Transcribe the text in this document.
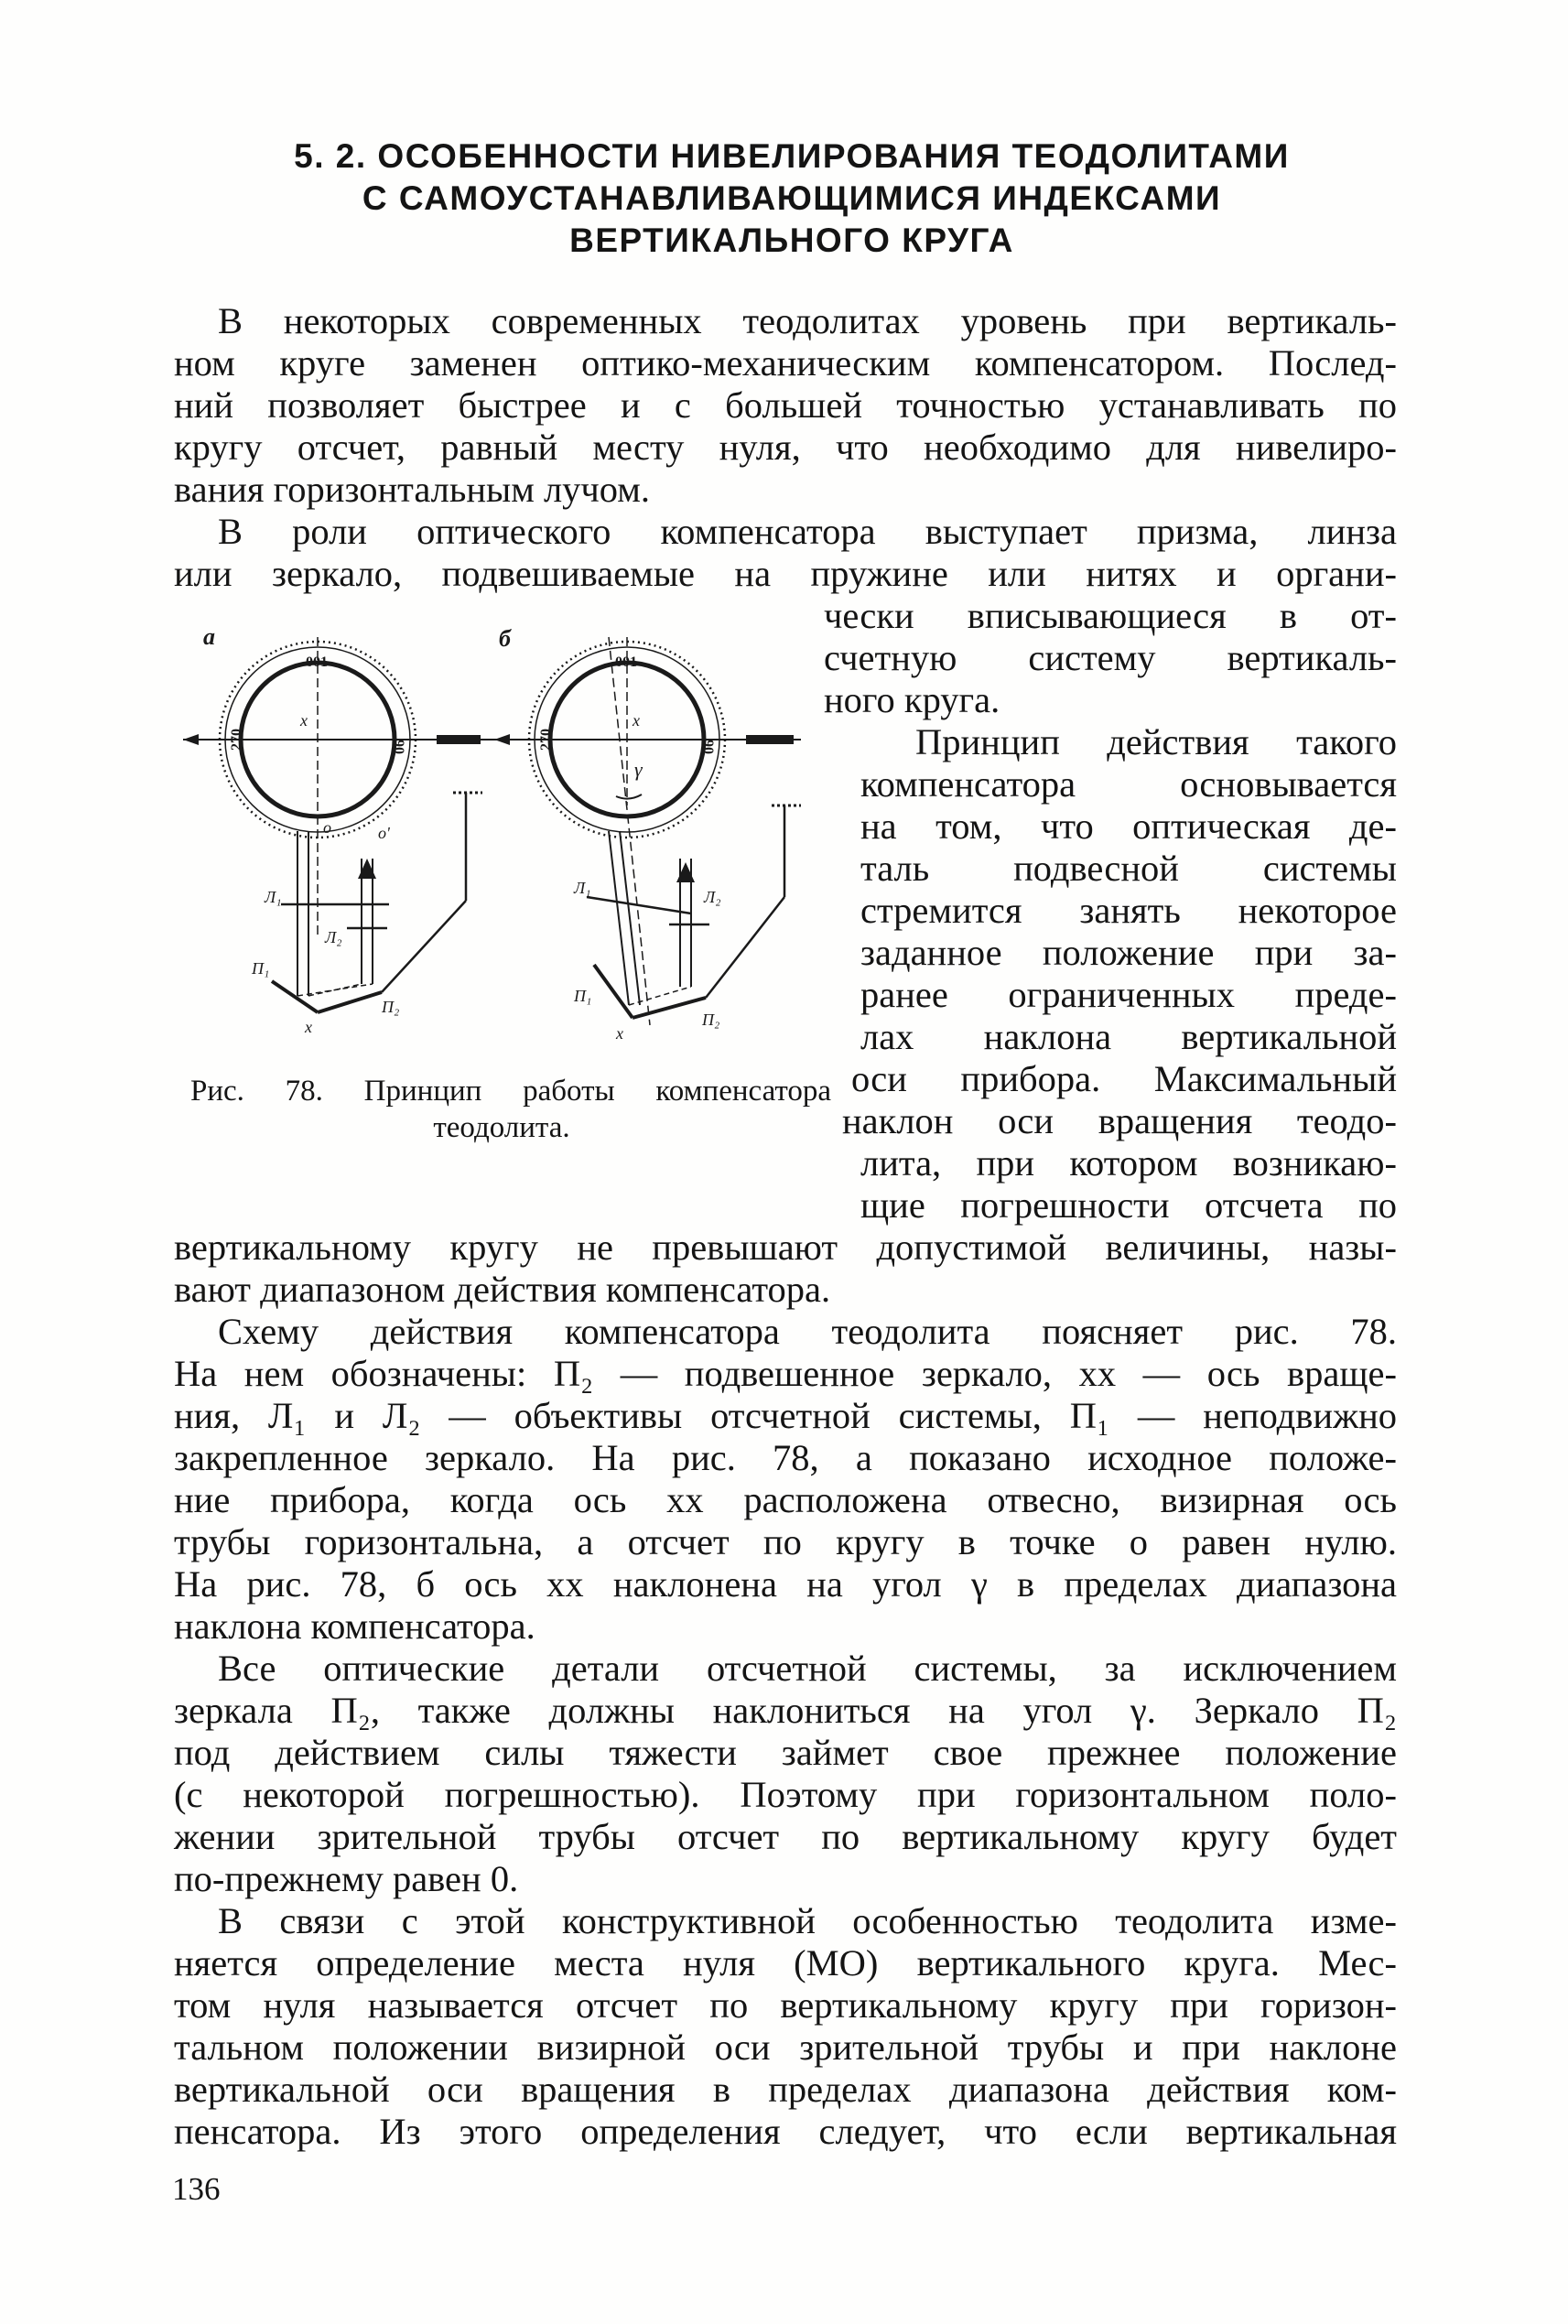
5. 2. ОСОБЕННОСТИ НИВЕЛИРОВАНИЯ ТЕОДОЛИТАМИ
С САМОУСТАНАВЛИВАЮЩИМИСЯ ИНДЕКСАМИ
ВЕРТИКАЛЬНОГО КРУГА
В некоторых современных теодолитах уровень при вертикаль-
ном круге заменен оптико-механическим компенсатором. Послед-
ний позволяет быстрее и с большей точностью устанавливать по
кругу отсчет, равный месту нуля, что необходимо для нивелиро-
вания горизонтальным лучом.
В роли оптического компенсатора выступает призма, линза
или зеркало, подвешиваемые на пружине или нитях и органи-
чески вписывающиеся в от-
счетную систему вертикаль-
ного круга.
Принцип действия такого
компенсатора основывается
на том, что оптическая де-
таль подвесной системы
стремится занять некоторое
заданное положение при за-
ранее ограниченных преде-
лах наклона вертикальной
оси прибора. Максимальный
наклон оси вращения теодо-
лита, при котором возникаю-
щие погрешности отсчета по
вертикальному кругу не превышают допустимой величины, назы-
вают диапазоном действия компенсатора.
Схему действия компенсатора теодолита поясняет рис. 78.
На нем обозначены: П₂ — подвешенное зеркало, xx — ось враще-
ния, Л₁ и Л₂ — объективы отсчетной системы, П₁ — неподвижно
закрепленное зеркало. На рис. 78, а показано исходное положе-
ние прибора, когда ось xx расположена отвесно, визирная ось
трубы горизонтальна, а отсчет по кругу в точке о равен нулю.
На рис. 78, б ось xx наклонена на угол γ в пределах диапазона
наклона компенсатора.
Все оптические детали отсчетной системы, за исключением
зеркала П₂, также должны наклониться на угол γ. Зеркало П₂
под действием силы тяжести займет свое прежнее положение
(с некоторой погрешностью). Поэтому при горизонтальном поло-
жении зрительной трубы отсчет по вертикальному кругу будет
по-прежнему равен 0.
В связи с этой конструктивной особенностью теодолита изме-
няется определение места нуля (МО) вертикального круга. Мес-
том нуля называется отсчет по вертикальному кругу при горизон-
тальном положении визирной оси зрительной трубы и при наклоне
вертикальной оси вращения в пределах диапазона действия ком-
пенсатора. Из этого определения следует, что если вертикальная
а
001
270	90
x
o	o'
Л₁
Л₂
П₁
П₂
x
б
001
270	90
x
γ
Л₁	Л₂
П₁
П₂
x
Рис. 78. Принцип работы компенсатора
теодолита.
136
